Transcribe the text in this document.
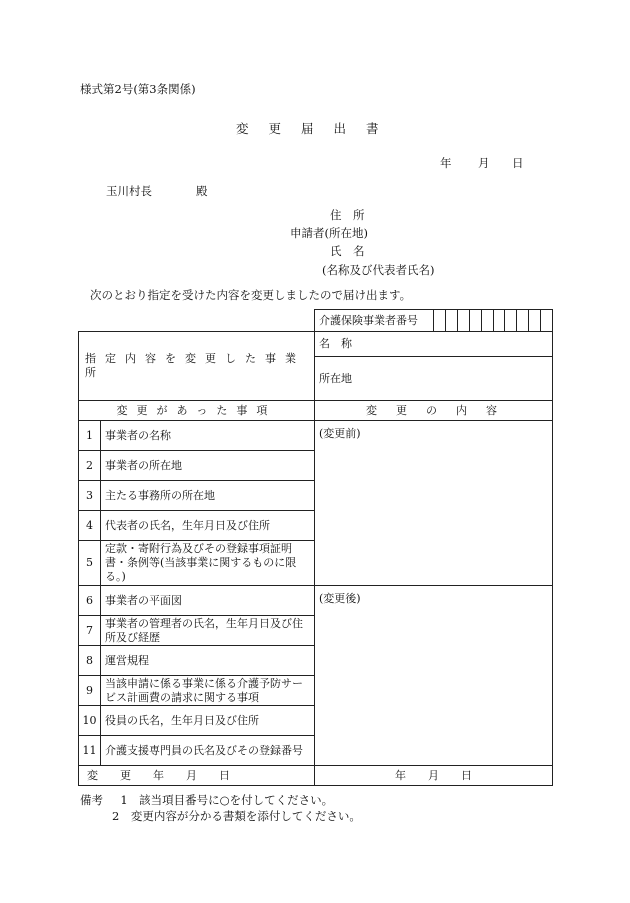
様式第2号(第3条関係)
変更届出書
年 月 日
玉川村長	殿
住　所
申請者(所在地)
氏　名
(名称及び代表者氏名)
次のとおり指定を受けた内容を変更しましたので届け出ます。

		介護保険事業者番号

指定内容を変更した事業所		名　称
		所在地
変更があった事項		変　更　の　内　容
1	事業者の名称	(変更前)
2	事業者の所在地	
3	主たる事務所の所在地	
4	代表者の氏名，生年月日及び住所	
5	定款・寄附行為及びその登録事項証明書・条例等(当該事業に関するものに限る。)	
6	事業者の平面図	(変更後)
7	事業者の管理者の氏名，生年月日及び住所及び経歴	
8	運営規程	
9	当該申請に係る事業に係る介護予防サービス計画費の請求に関する事項	
10	役員の氏名，生年月日及び住所	
11	介護支援専門員の氏名及びその登録番号	
変　　更　　年　　月　　日		年　　月　　日
備考 1　該当項目番号に○を付してください。
2　変更内容が分かる書類を添付してください。
